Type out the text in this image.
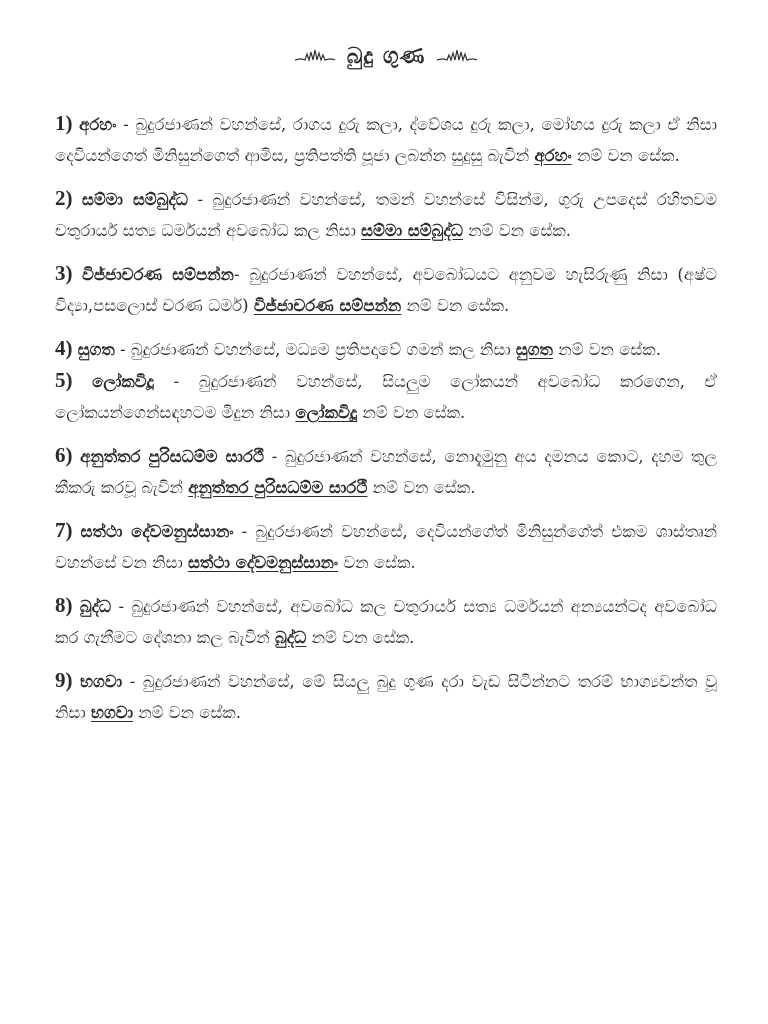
බුදු ගුණ

1) අරහං - බුදුරජාණන් වහන්සේ, රාගය දුරු කලා, ද්වේශය දුරු කලා, මෝහය දුරු කලා ඒ නිසා දෙවියන්ගෙත් මිනිසුන්ගෙත් ආමිස, ප්‍රතිපත්ති පූජා ලබන්න සුදුසු බැවින් අරහං නම් වන සේක.

2) සම්මා සම්බුද්ධ - බුදුරජාණන් වහන්සේ, තමන් වහන්සේ විසින්ම, ගුරු උපදෙස් රහිතවම චතුරාර්ය සත්‍ය ධර්මයන් අවබෝධ කල නිසා සම්මා සම්බුද්ධ නම් වන සේක.

3) විජ්ජාචරණ සම්පන්න- බුදුරජාණන් වහන්සේ, අවබෝධයට අනුවම හැසිරුණු නිසා (අෂ්ට විද්‍යා,පසලොස් චරණ ධර්ම) විජ්ජාචරණ සම්පන්න නම් වන සේක.

4) සුගත - බුදුරජාණන් වහන්සේ, මධ්‍යම ප්‍රතිපදාවේ ගමන් කල නිසා සුගත නම් වන සේක.

5) ලෝකවිදූ - බුදුරජාණන් වහන්සේ, සියලුම ලෝකයන් අවබෝධ කරගෙන, ඒ ලෝකයන්ගෙන්සඳහටම මිදුන නිසා ලෝකවිදූ නම් වන සේක.

6) අනුත්තර පුරිසධම්ම සාරථී - බුදුරජාණන් වහන්සේ, නොදැමුනු අය දමනය කොට, දහම තුල කීකරු කරවූ බැවින් අනුත්තර පුරිසධම්ම සාරථී නම් වන සේක.

7) සත්ථා දේවමනුස්සානං - බුදුරජාණන් වහන්සේ, දෙවියන්ගේත් මිනිසුන්ගේත් එකම ශාස්තෘන් වහන්සේ වන නිසා සත්ථා දේවමනුස්සානං වන සේක.

8) බුද්ධ - බුදුරජාණන් වහන්සේ, අවබෝධ කල චතුරාර්ය සත්‍ය ධර්මයන් අන්‍යයන්ටද අවබෝධ කර ගැනීමට දේශනා කල බැවින් බුද්ධ නම් වන සේක.

9) භගවා - බුදුරජාණන් වහන්සේ, මේ සියලු බුදු ගුණ දරා වැඩ සිටින්නට තරම් භාග්‍යවන්ත වූ නිසා භගවා නම් වන සේක.
